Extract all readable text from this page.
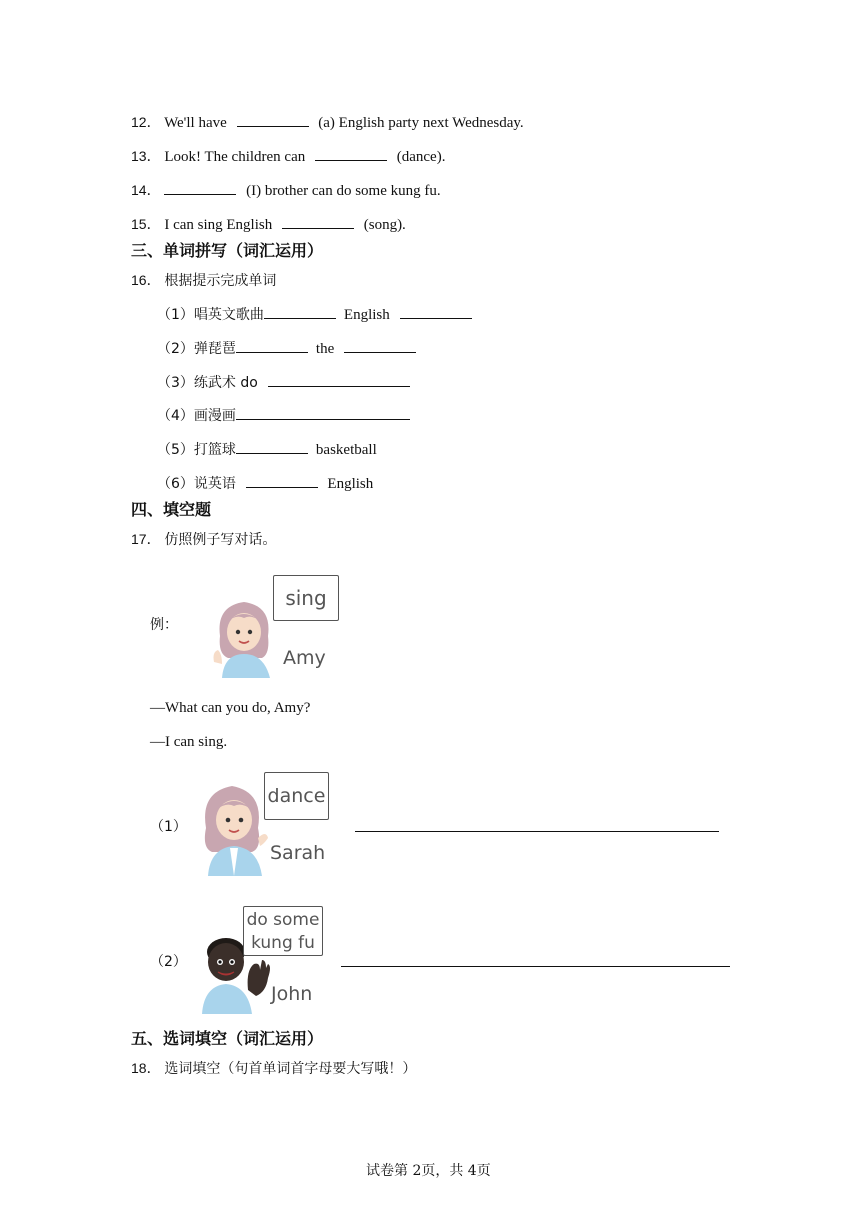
12． We'll have	(a) English party next Wednesday.
13． Look! The children can	(dance).
14．	(I) brother can do some kung fu.
15． I can sing English	(song).
三、单词拼写（词汇运用）
16． 根据提示完成单词
（1）唱英文歌曲	English
（2）弹琵琶	the
（3）练武术 do
（4）画漫画
（5）打篮球	basketball
（6）说英语	English
四、填空题
17． 仿照例子写对话。
例：
sing
Amy
—What can you do, Amy?
—I can sing.
（1）
dance
Sarah
（2）
do some
kung fu
John
五、选词填空（词汇运用）
18． 选词填空（句首单词首字母要大写哦！）
试卷第 2页，共 4页
